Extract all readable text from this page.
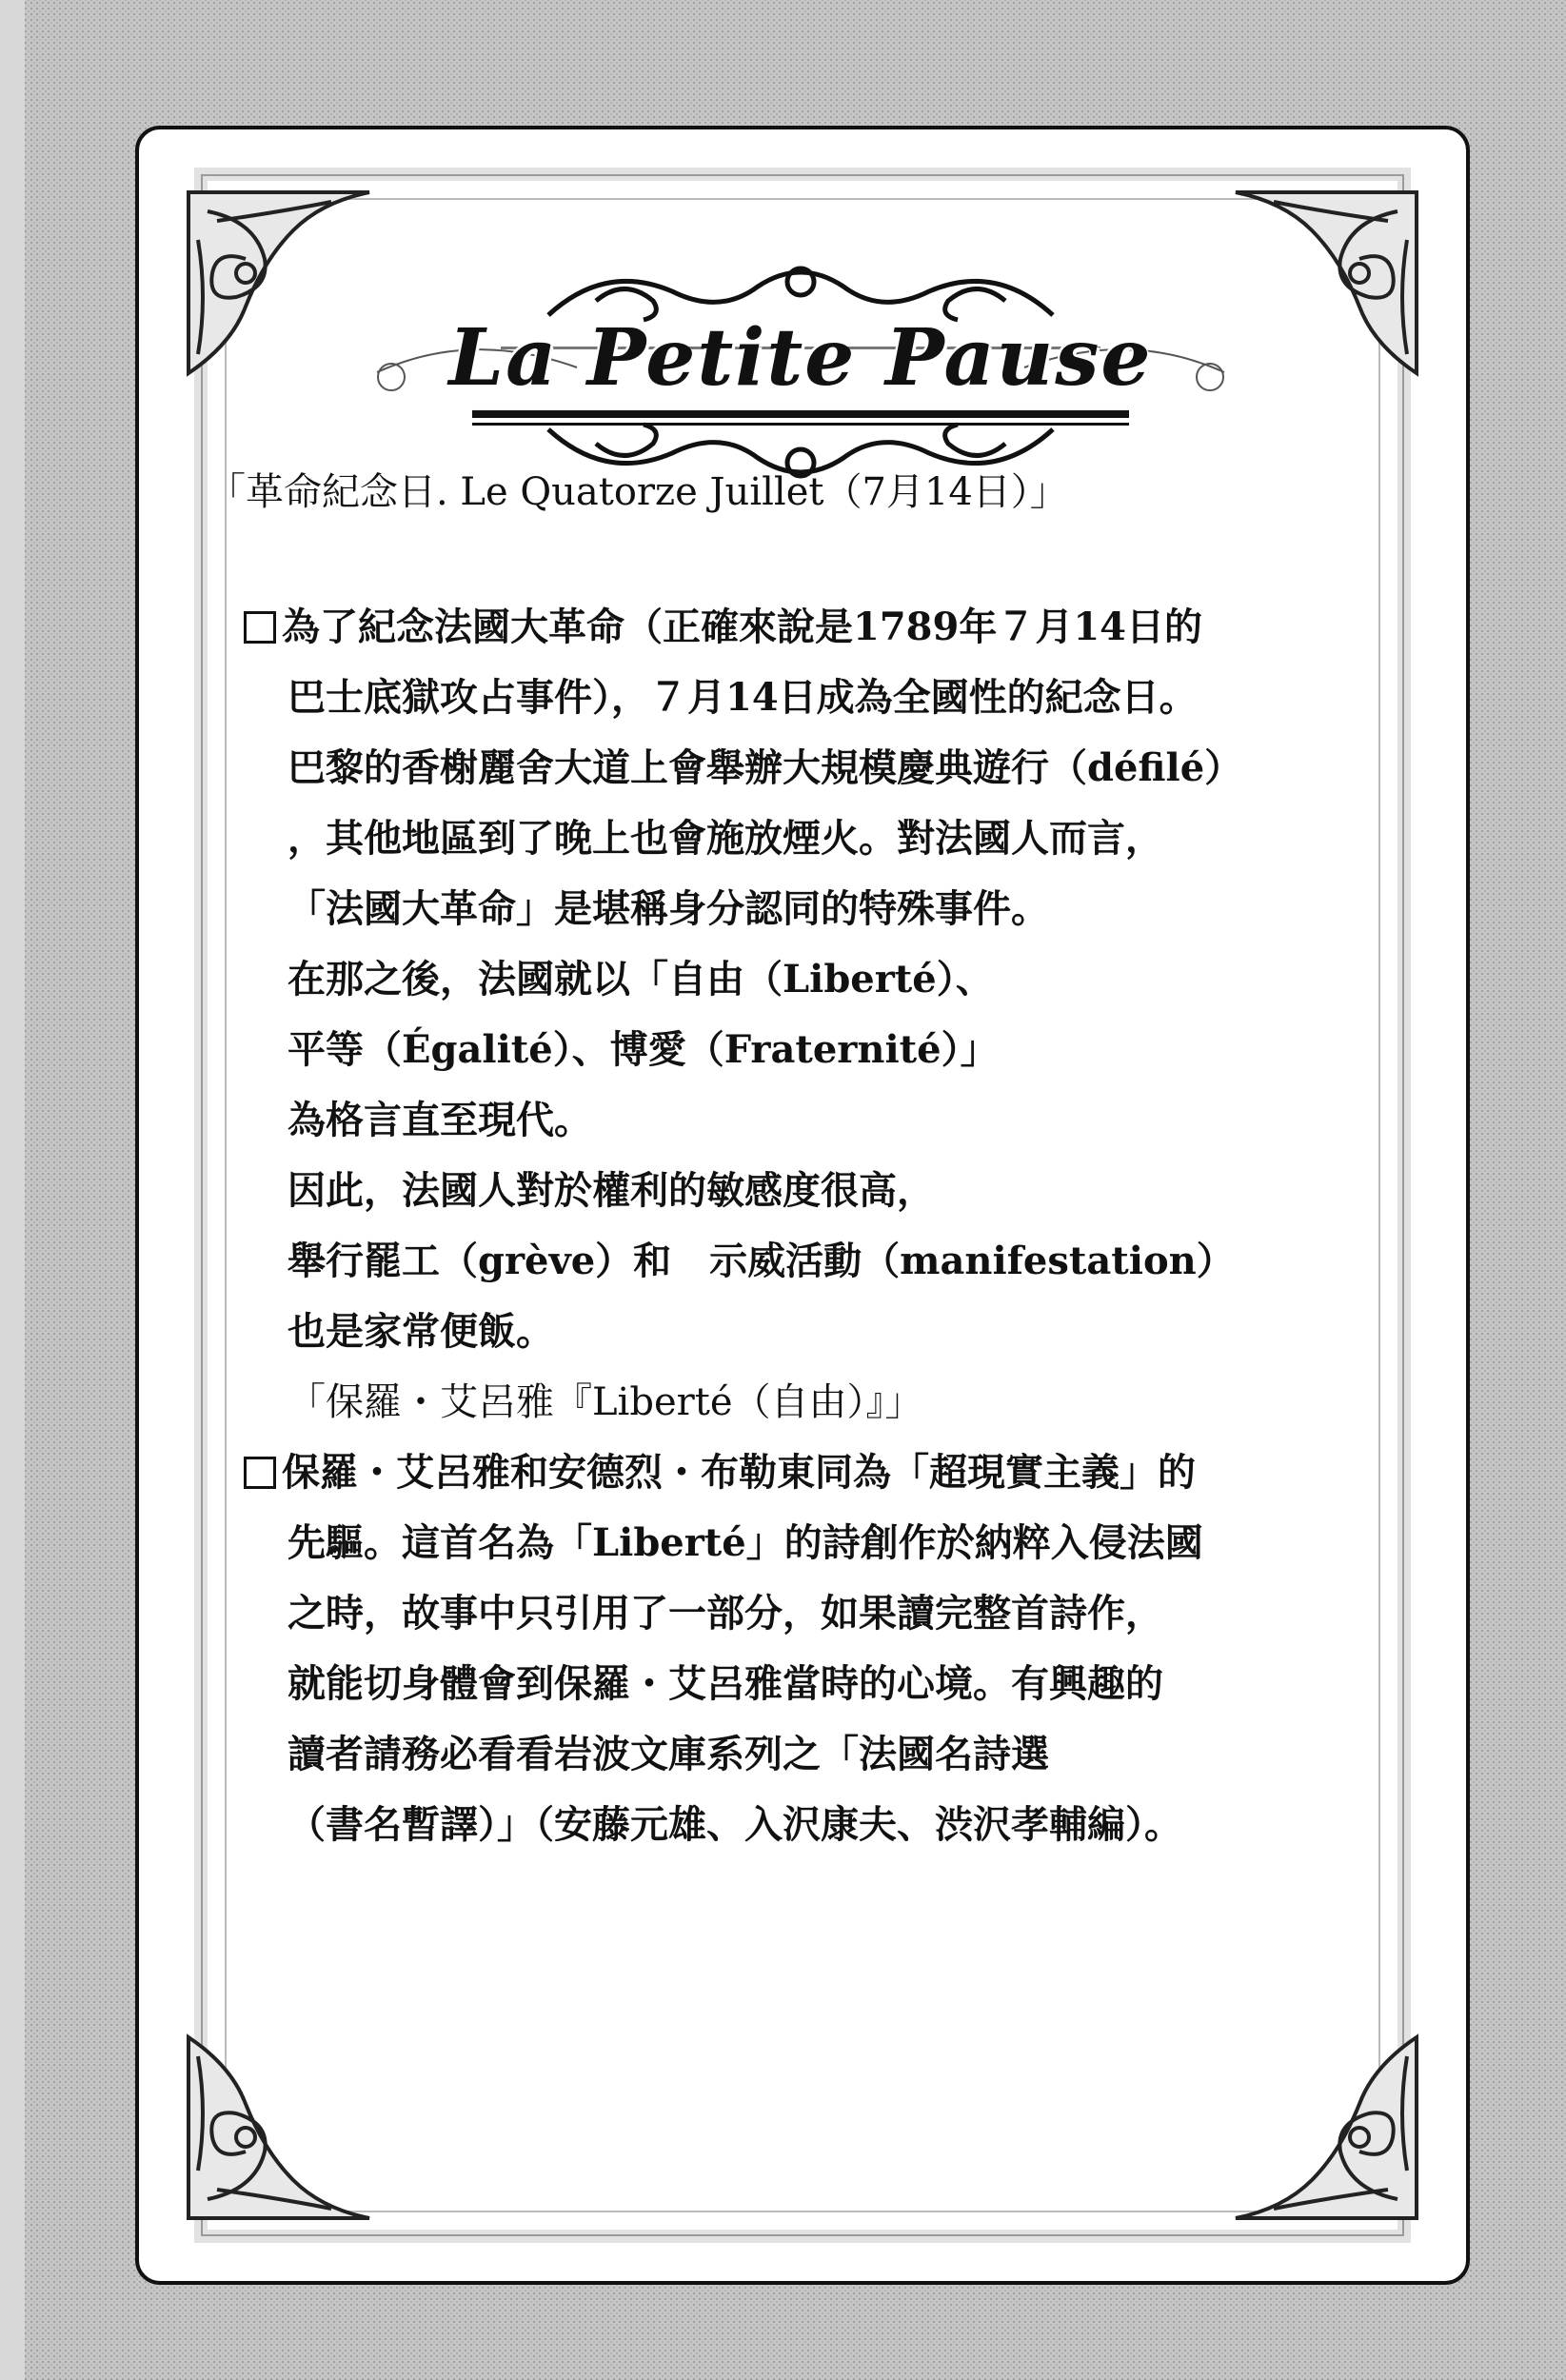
La Petite Pause
「革命紀念日. Le Quatorze Juillet（7月14日）」
為了紀念法國大革命（正確來說是1789年７月14日的
巴士底獄攻占事件），７月14日成為全國性的紀念日。
巴黎的香榭麗舍大道上會舉辦大規模慶典遊行（défilé）
，其他地區到了晚上也會施放煙火。對法國人而言，
「法國大革命」是堪稱身分認同的特殊事件。
在那之後，法國就以「自由（Liberté）、
平等（Égalité）、博愛（Fraternité）」
為格言直至現代。
因此，法國人對於權利的敏感度很高，
舉行罷工（grève）和　示威活動（manifestation）
也是家常便飯。
「保羅・艾呂雅『Liberté（自由）』」
保羅・艾呂雅和安德烈・布勒東同為「超現實主義」的
先驅。這首名為「Liberté」的詩創作於納粹入侵法國
之時，故事中只引用了一部分，如果讀完整首詩作，
就能切身體會到保羅・艾呂雅當時的心境。有興趣的
讀者請務必看看岩波文庫系列之「法國名詩選
（書名暫譯）」（安藤元雄、入沢康夫、渋沢孝輔編）。
